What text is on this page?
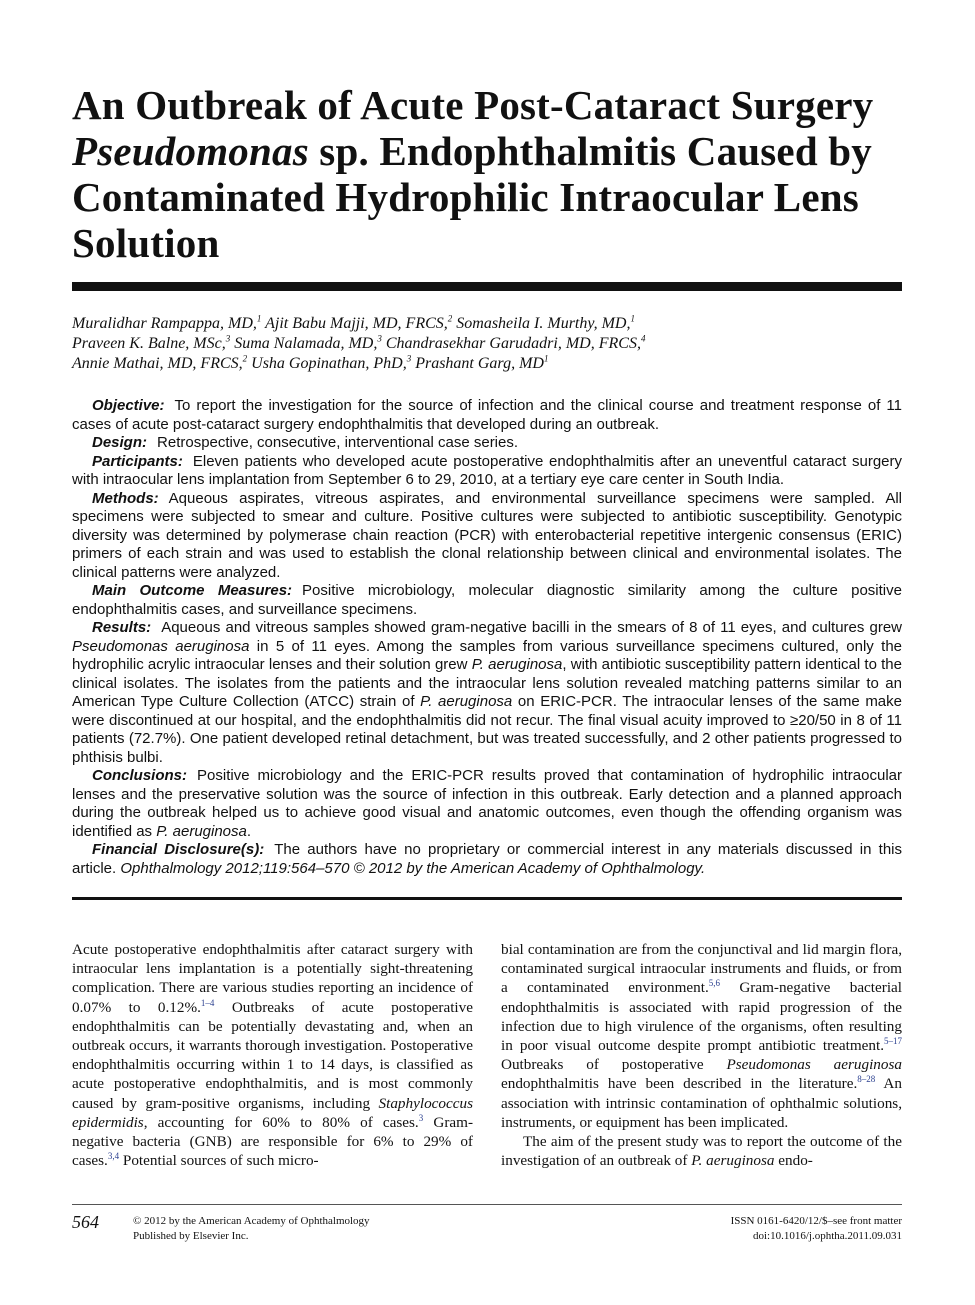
An Outbreak of Acute Post-Cataract Surgery Pseudomonas sp. Endophthalmitis Caused by Contaminated Hydrophilic Intraocular Lens Solution
Muralidhar Rampappa, MD,$^1$ Ajit Babu Majji, MD, FRCS,$^2$ Somasheila I. Murthy, MD,$^1$
Praveen K. Balne, MSc,$^3$ Suma Nalamada, MD,$^3$ Chandrasekhar Garudadri, MD, FRCS,$^4$
Annie Mathai, MD, FRCS,$^2$ Usha Gopinathan, PhD,$^3$ Prashant Garg, $MD^1$

Objective: To report the investigation for the source of infection and the clinical course and treatment response of 11 cases of acute post-cataract surgery endophthalmitis that developed during an outbreak.

Design: Retrospective, consecutive, interventional case series.

Participants: Eleven patients who developed acute postoperative endophthalmitis after an uneventful cataract surgery with intraocular lens implantation from September 6 to 29, 2010, at a tertiary eye care center in South India.

Methods: Aqueous aspirates, vitreous aspirates, and environmental surveillance specimens were sampled. All specimens were subjected to smear and culture. Positive cultures were subjected to antibiotic susceptibility. Genotypic diversity was determined by polymerase chain reaction (PCR) with enterobacterial repetitive intergenic consensus (ERIC) primers of each strain and was used to establish the clonal relationship between clinical and environmental isolates. The clinical patterns were analyzed.

Main Outcome Measures: Positive microbiology, molecular diagnostic similarity among the culture positive endophthalmitis cases, and surveillance specimens.

Results: Aqueous and vitreous samples showed gram-negative bacilli in the smears of 8 of 11 eyes, and cultures grew Pseudomonas aeruginosa in 5 of 11 eyes. Among the samples from various surveillance specimens cultured, only the hydrophilic acrylic intraocular lenses and their solution grew P. aeruginosa, with antibiotic susceptibility pattern identical to the clinical isolates. The isolates from the patients and the intraocular lens solution revealed matching patterns similar to an American Type Culture Collection (ATCC) strain of P. aeruginosa on ERIC-PCR. The intraocular lenses of the same make were discontinued at our hospital, and the endophthalmitis did not recur. The final visual acuity improved to ≥20/50 in 8 of 11 patients (72.7%). One patient developed retinal detachment, but was treated successfully, and 2 other patients progressed to phthisis bulbi.

Conclusions: Positive microbiology and the ERIC-PCR results proved that contamination of hydrophilic intraocular lenses and the preservative solution was the source of infection in this outbreak. Early detection and a planned approach during the outbreak helped us to achieve good visual and anatomic outcomes, even though the offending organism was identified as P. aeruginosa.

Financial Disclosure(s): The authors have no proprietary or commercial interest in any materials discussed in this article. Ophthalmology 2012;119:564–570 © 2012 by the American Academy of Ophthalmology.

Acute postoperative endophthalmitis after cataract surgery with intraocular lens implantation is a potentially sight-threatening complication. There are various studies reporting an incidence of 0.07% to 0.12%.$^{1-4}$ Outbreaks of acute postoperative endophthalmitis can be potentially devastating and, when an outbreak occurs, it warrants thorough investigation. Postoperative endophthalmitis occurring within 1 to 14 days, is classified as acute postoperative endophthalmitis, and is most commonly caused by gram-positive organisms, including Staphylococcus epidermidis, accounting for 60% to 80% of cases.$^3$ Gram-negative bacteria (GNB) are responsible for 6% to 29% of cases.$^{3,4}$ Potential sources of such micro-

bial contamination are from the conjunctival and lid margin flora, contaminated surgical intraocular instruments and fluids, or from a contaminated environment.$^{5,6}$ Gram-negative bacterial endophthalmitis is associated with rapid progression of the infection due to high virulence of the organisms, often resulting in poor visual outcome despite prompt antibiotic treatment.$^{5-17}$ Outbreaks of postoperative Pseudomonas aeruginosa endophthalmitis have been described in the literature.$^{8-28}$ An association with intrinsic contamination of ophthalmic solutions, instruments, or equipment has been implicated.

The aim of the present study was to report the outcome of the investigation of an outbreak of P. aeruginosa endo-

564	© 2012 by the American Academy of Ophthalmology
Published by Elsevier Inc.
ISSN 0161-6420/12/$–see front matter
doi:10.1016/j.ophtha.2011.09.031
